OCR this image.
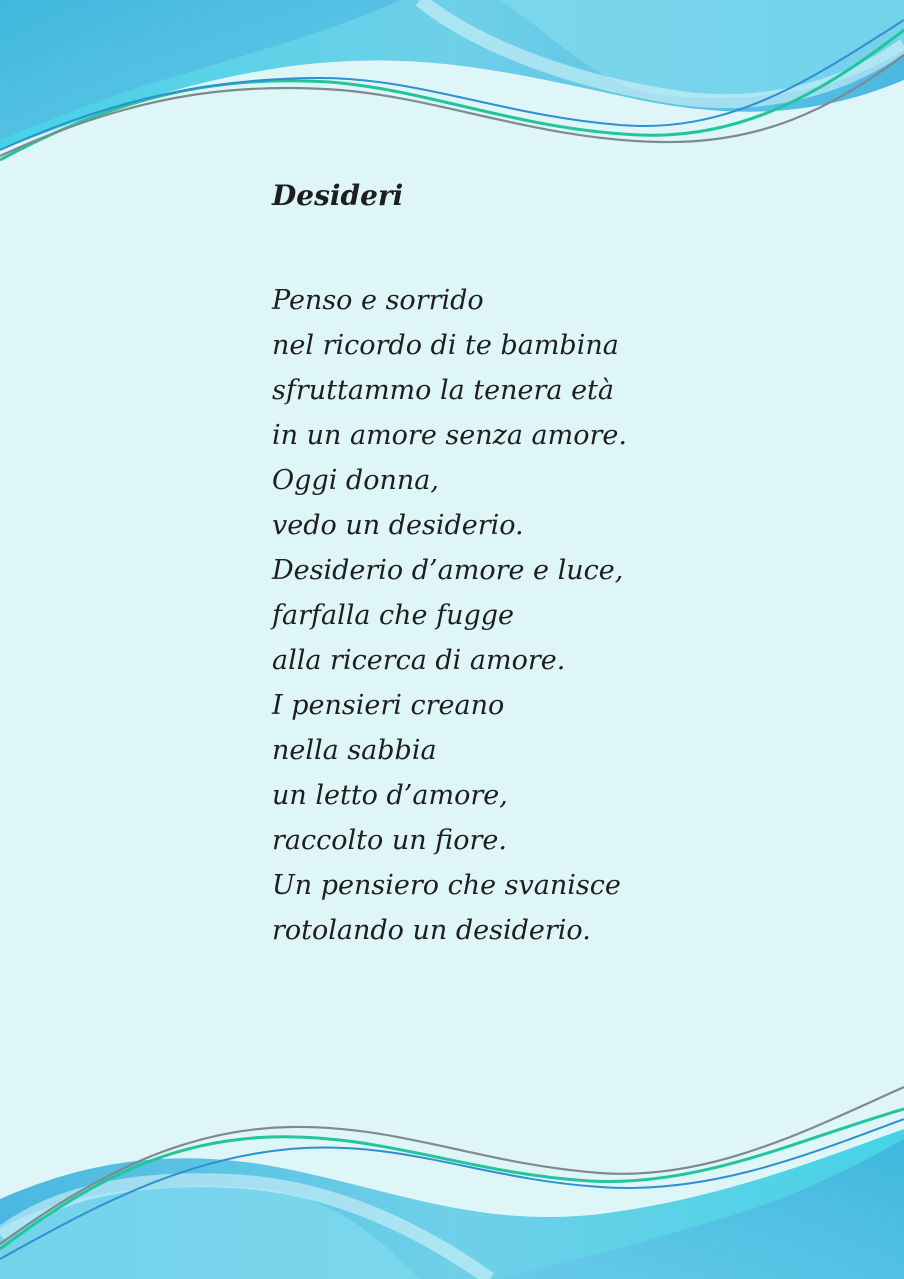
Desideri
Penso e sorrido
nel ricordo di te bambina
sfruttammo la tenera età
in un amore senza amore.
Oggi donna,
vedo un desiderio.
Desiderio d’amore e luce,
farfalla che fugge
alla ricerca di amore.
I pensieri creano
nella sabbia
un letto d’amore,
raccolto un fiore.
Un pensiero che svanisce
rotolando un desiderio.
